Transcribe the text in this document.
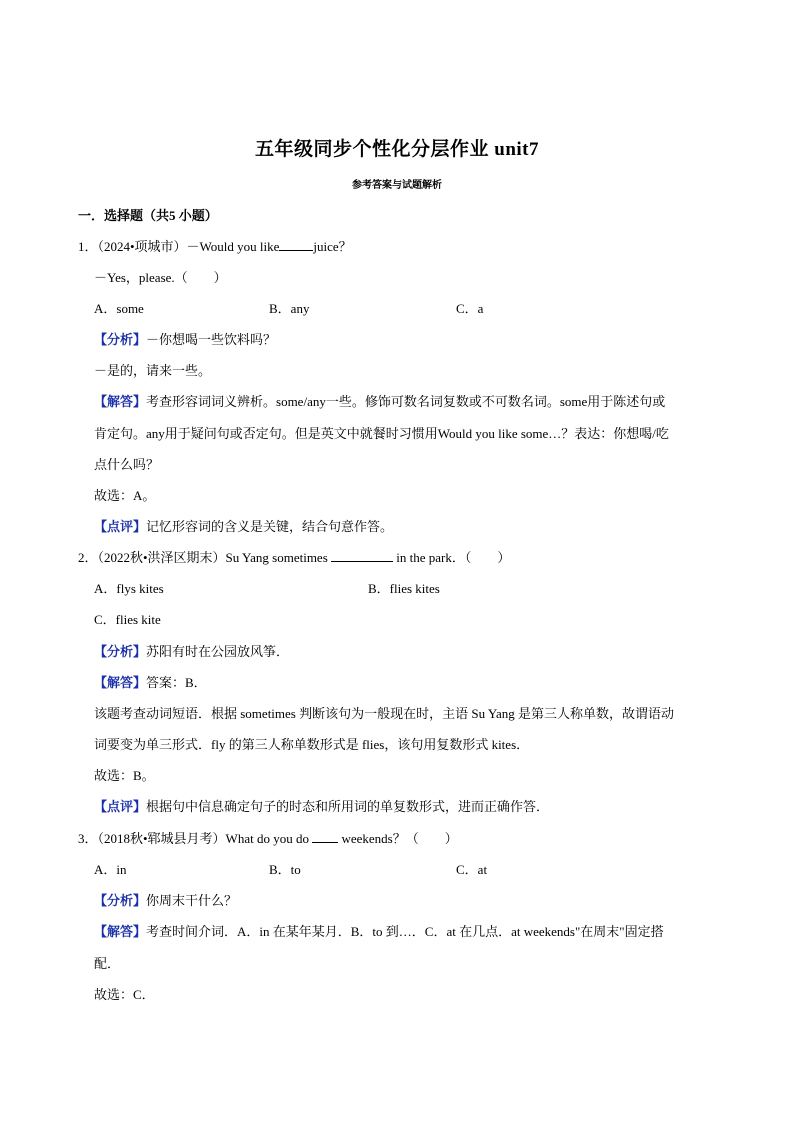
五年级同步个性化分层作业 unit7
参考答案与试题解析
一．选择题（共5 小题）
1．（2024•项城市）－Would you like	juice？
－Yes，please.（　　）
A．some	B．any	C．a
【分析】－你想喝一些饮料吗？
－是的，请来一些。
【解答】考查形容词词义辨析。some/any一些。修饰可数名词复数或不可数名词。some用于陈述句或
肯定句。any用于疑问句或否定句。但是英文中就餐时习惯用Would you like some…？表达：你想喝/吃
点什么吗？
故选：A。
【点评】记忆形容词的含义是关键，结合句意作答。
2．（2022秋•洪泽区期末）Su Yang sometimes	in the park．（　　）
A．flys kites	B．flies kites
C．flies kite
【分析】苏阳有时在公园放风筝．
【解答】答案：B．
该题考查动词短语．根据 sometimes 判断该句为一般现在时，主语 Su Yang 是第三人称单数，故谓语动
词要变为单三形式．fly 的第三人称单数形式是 flies，该句用复数形式 kites．
故选：B。
【点评】根据句中信息确定句子的时态和所用词的单复数形式，进而正确作答．
3．（2018秋•郓城县月考）What do you do	weekends？（　　）
A．in	B．to	C．at
【分析】你周末干什么？
【解答】考查时间介词．A．in 在某年某月．B．to 到…．C．at 在几点．at weekends"在周末"固定搭
配．
故选：C．
